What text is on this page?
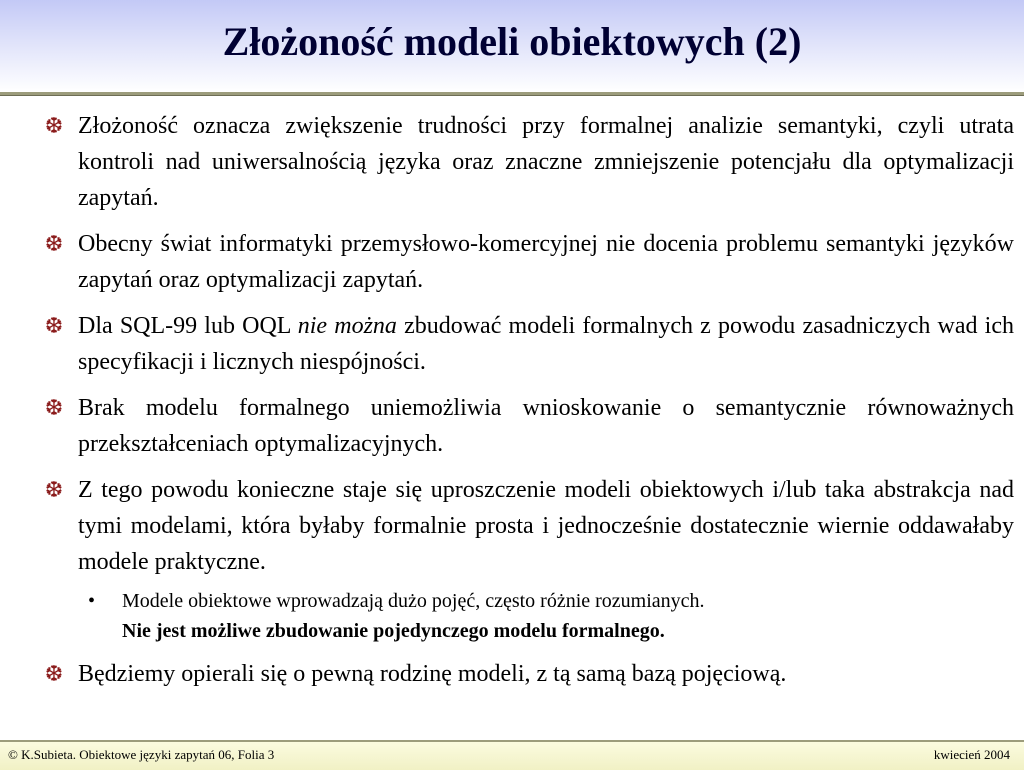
Złożoność modeli obiektowych (2)
❆ Złożoność oznacza zwiększenie trudności przy formalnej analizie semantyki, czyli utrata kontroli nad uniwersalnością języka oraz znaczne zmniejszenie potencjału dla optymalizacji zapytań.
❆ Obecny świat informatyki przemysłowo-komercyjnej nie docenia problemu semantyki języków zapytań oraz optymalizacji zapytań.
❆ Dla SQL-99 lub OQL nie można zbudować modeli formalnych z powodu zasadniczych wad ich specyfikacji i licznych niespójności.
❆ Brak modelu formalnego uniemożliwia wnioskowanie o semantycznie równoważnych przekształceniach optymalizacyjnych.
❆ Z tego powodu konieczne staje się uproszczenie modeli obiektowych i/lub taka abstrakcja nad tymi modelami, która byłaby formalnie prosta i jednocześnie dostatecznie wiernie oddawałaby modele praktyczne.
• Modele obiektowe wprowadzają dużo pojęć, często różnie rozumianych.
Nie jest możliwe zbudowanie pojedynczego modelu formalnego.
❆ Będziemy opierali się o pewną rodzinę modeli, z tą samą bazą pojęciową.
© K.Subieta. Obiektowe języki zapytań 06, Folia 3	kwiecień 2004
